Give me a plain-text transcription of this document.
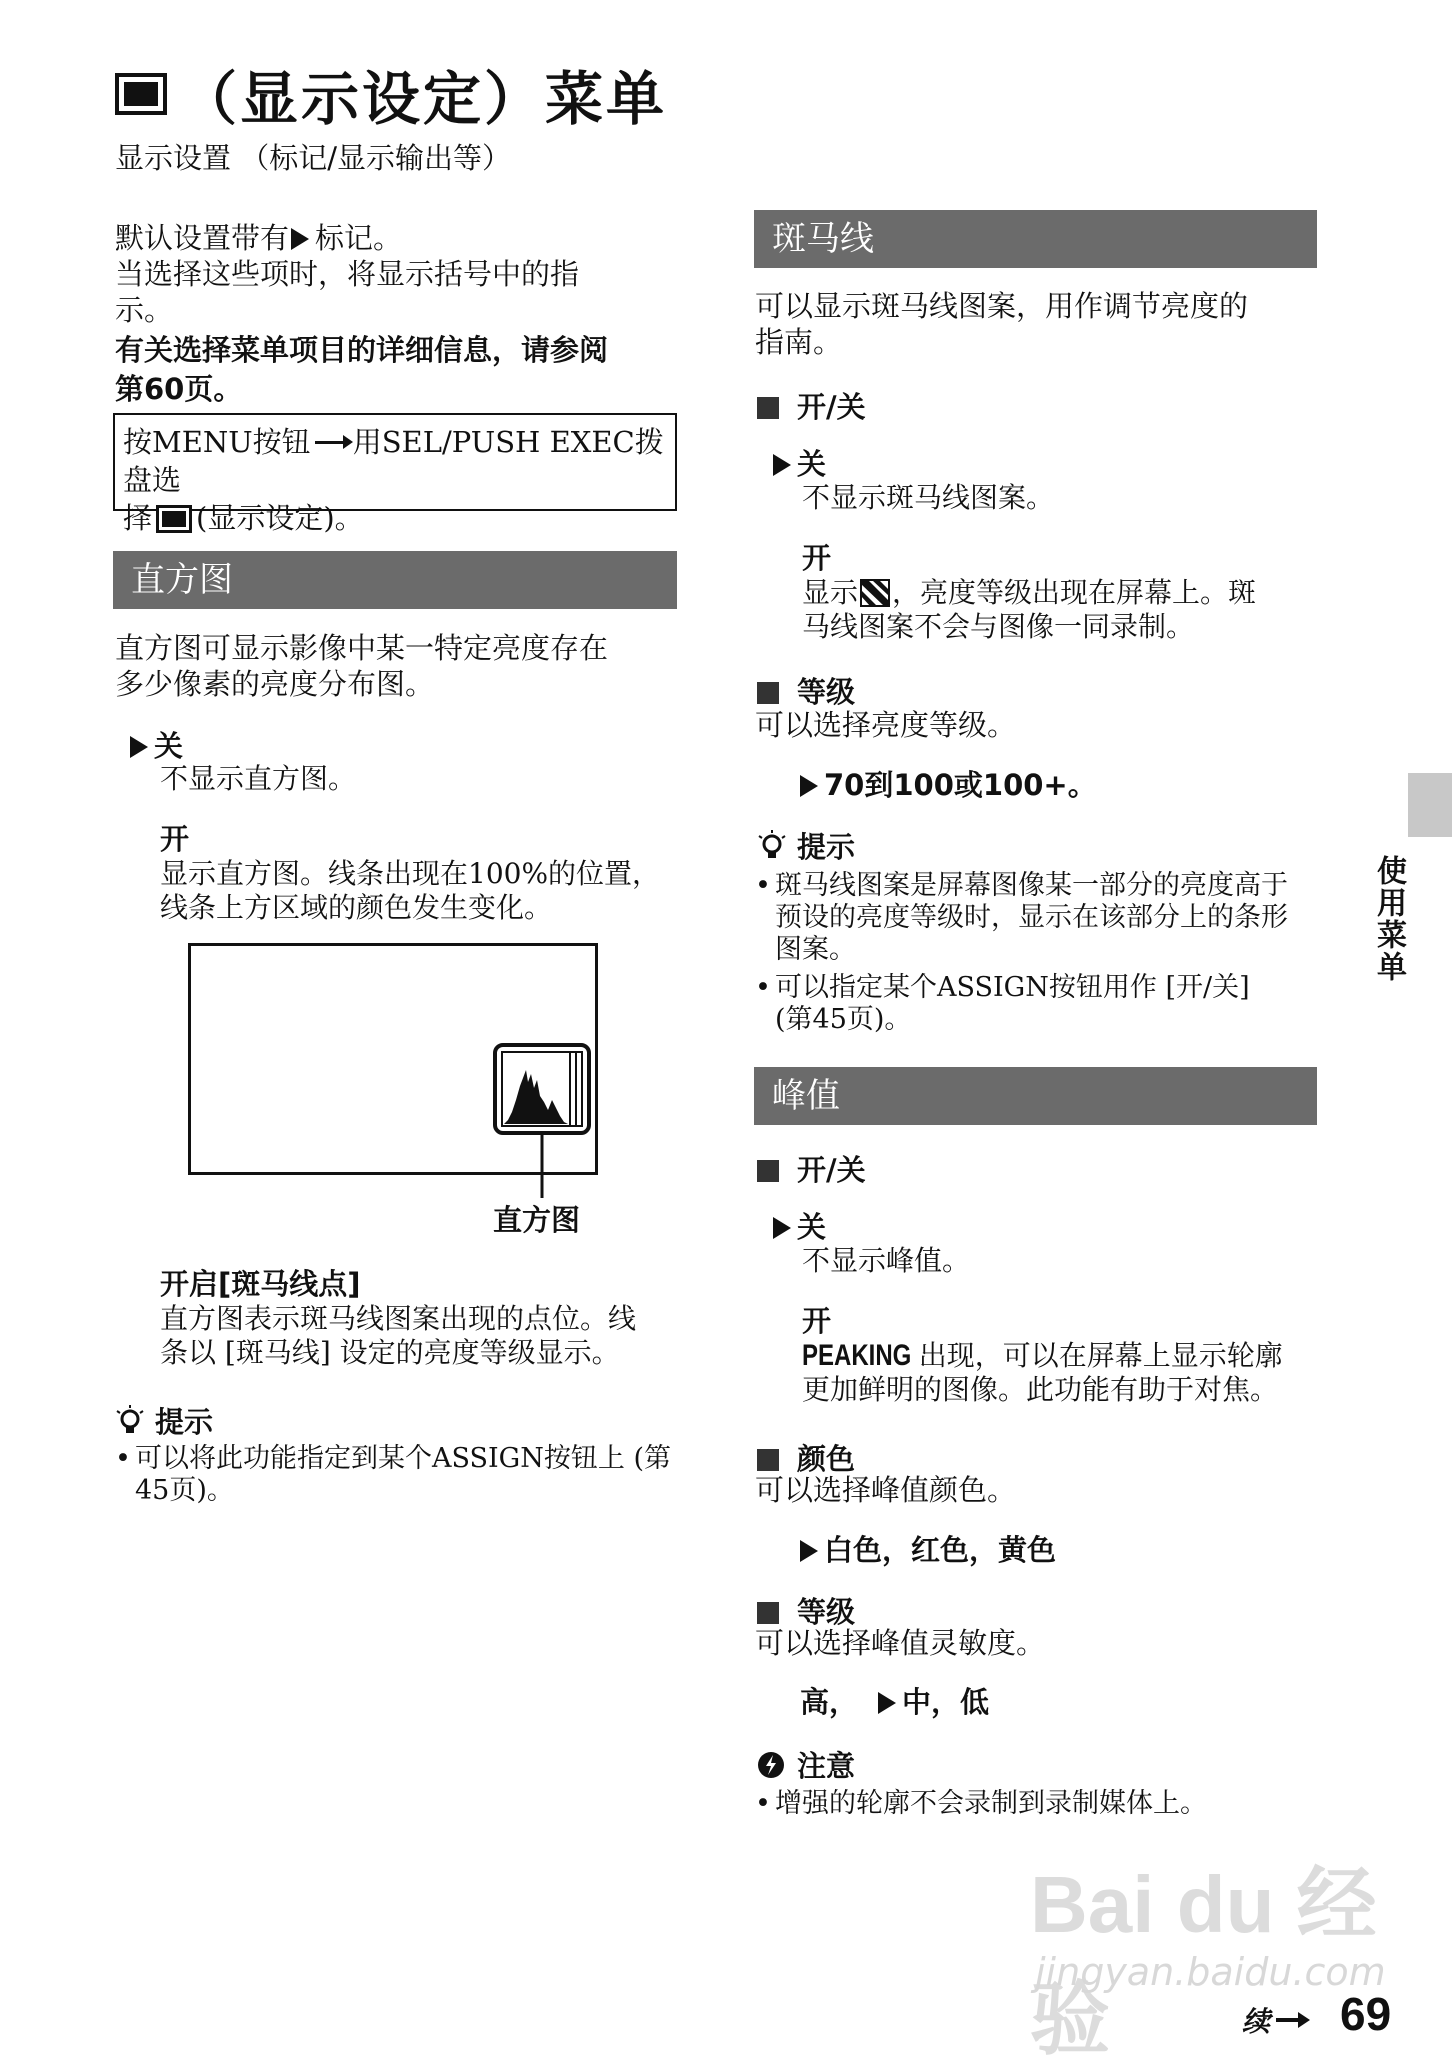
（显示设定）菜单
显示设置 （标记/显示输出等）
默认设置带有 标记。
当选择这些项时，将显示括号中的指
示。
有关选择菜单项目的详细信息，请参阅
第60页。
按MENU按钮 用SEL/PUSH EXEC拨盘选
择 (显示设定)。
直方图
直方图可显示影像中某一特定亮度存在
多少像素的亮度分布图。
关
不显示直方图。
开
显示直方图。线条出现在100%的位置，
线条上方区域的颜色发生变化。
直方图
开启[斑马线点]
直方图表示斑马线图案出现的点位。线
条以 [斑马线] 设定的亮度等级显示。
提示
• 可以将此功能指定到某个ASSIGN按钮上 (第
45页)。
斑马线
可以显示斑马线图案，用作调节亮度的
指南。
开/关
关
不显示斑马线图案。
开
显示 ，亮度等级出现在屏幕上。斑
马线图案不会与图像一同录制。
等级
可以选择亮度等级。
70到100或100+。
提示
• 斑马线图案是屏幕图像某一部分的亮度高于
预设的亮度等级时，显示在该部分上的条形
图案。
• 可以指定某个ASSIGN按钮用作 [开/关]
(第45页)。
峰值
开/关
关
不显示峰值。
开
PEAKING 出现，可以在屏幕上显示轮廓
更加鲜明的图像。此功能有助于对焦。
颜色
可以选择峰值颜色。
白色，红色，黄色
等级
可以选择峰值灵敏度。
高， 中，低
注意
• 增强的轮廓不会录制到录制媒体上。
使用菜单
Bai du 经验
jingyan.baidu.com
续 69
